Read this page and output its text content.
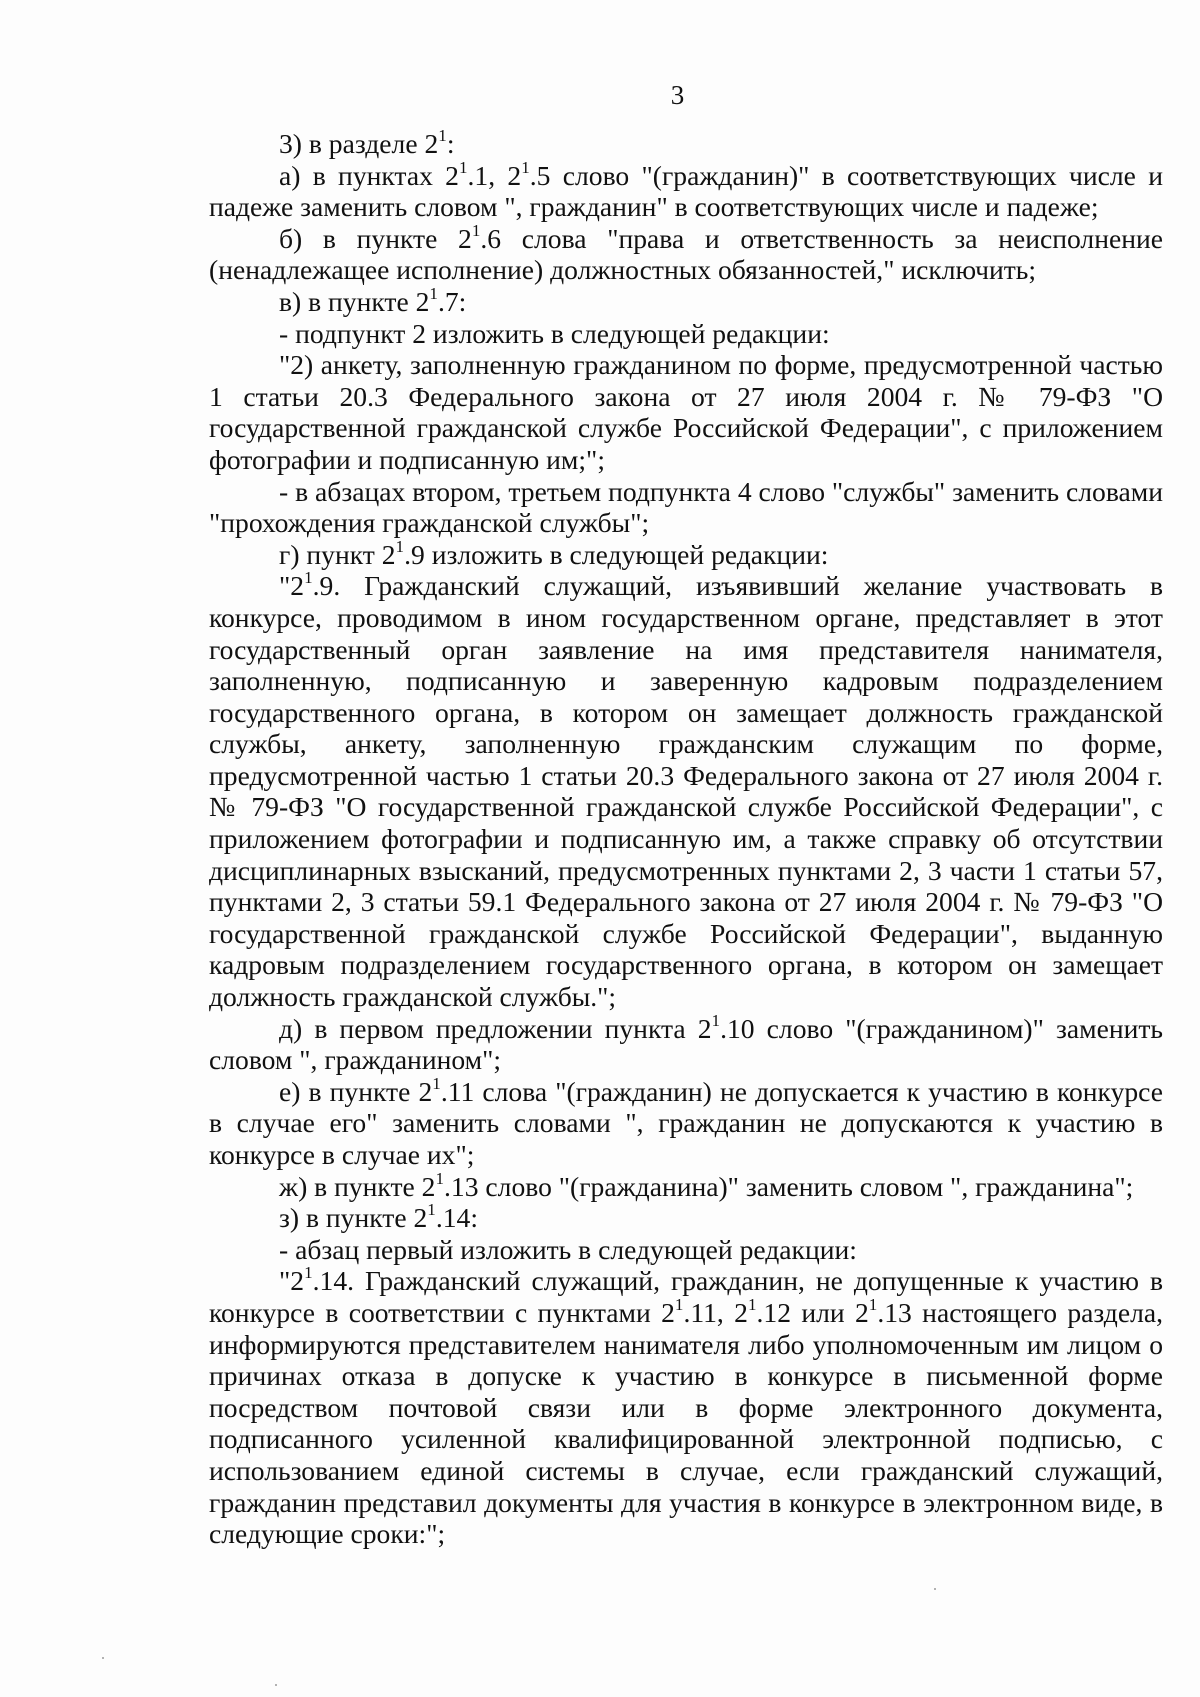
3

3) в разделе $2^1$:

а) в пунктах $2^1.1$, $2^1.5$ слово "(гражданин)" в соответствующих числе и падеже заменить словом ", гражданин" в соответствующих числе и падеже;

б) в пункте $2^1.6$ слова "права и ответственность за неисполнение (ненадлежащее исполнение) должностных обязанностей," исключить;

в) в пункте $2^1.7$:

- подпункт 2 изложить в следующей редакции:

"2) анкету, заполненную гражданином по форме, предусмотренной частью 1 статьи 20.3 Федерального закона от 27 июля 2004 г. № 79-ФЗ "О государственной гражданской службе Российской Федерации", с приложением фотографии и подписанную им;";

- в абзацах втором, третьем подпункта 4 слово "службы" заменить словами "прохождения гражданской службы";

г) пункт $2^1.9$ изложить в следующей редакции:

"$2^1.9$. Гражданский служащий, изъявивший желание участвовать в конкурсе, проводимом в ином государственном органе, представляет в этот государственный орган заявление на имя представителя нанимателя, заполненную, подписанную и заверенную кадровым подразделением государственного органа, в котором он замещает должность гражданской службы, анкету, заполненную гражданским служащим по форме, предусмотренной частью 1 статьи 20.3 Федерального закона от 27 июля 2004 г. № 79-ФЗ "О государственной гражданской службе Российской Федерации", с приложением фотографии и подписанную им, а также справку об отсутствии дисциплинарных взысканий, предусмотренных пунктами 2, 3 части 1 статьи 57, пунктами 2, 3 статьи 59.1 Федерального закона от 27 июля 2004 г. № 79-ФЗ "О государственной гражданской службе Российской Федерации", выданную кадровым подразделением государственного органа, в котором он замещает должность гражданской службы.";

д) в первом предложении пункта $2^1.10$ слово "(гражданином)" заменить словом ", гражданином";

е) в пункте $2^1.11$ слова "(гражданин) не допускается к участию в конкурсе в случае его" заменить словами ", гражданин не допускаются к участию в конкурсе в случае их";

ж) в пункте $2^1.13$ слово "(гражданина)" заменить словом ", гражданина";

з) в пункте $2^1.14$:

- абзац первый изложить в следующей редакции:

"$2^1.14$. Гражданский служащий, гражданин, не допущенные к участию в конкурсе в соответствии с пунктами $2^1.11$, $2^1.12$ или $2^1.13$ настоящего раздела, информируются представителем нанимателя либо уполномоченным им лицом о причинах отказа в допуске к участию в конкурсе в письменной форме посредством почтовой связи или в форме электронного документа, подписанного усиленной квалифицированной электронной подписью, с использованием единой системы в случае, если гражданский служащий, гражданин представил документы для участия в конкурсе в электронном виде, в следующие сроки:";
